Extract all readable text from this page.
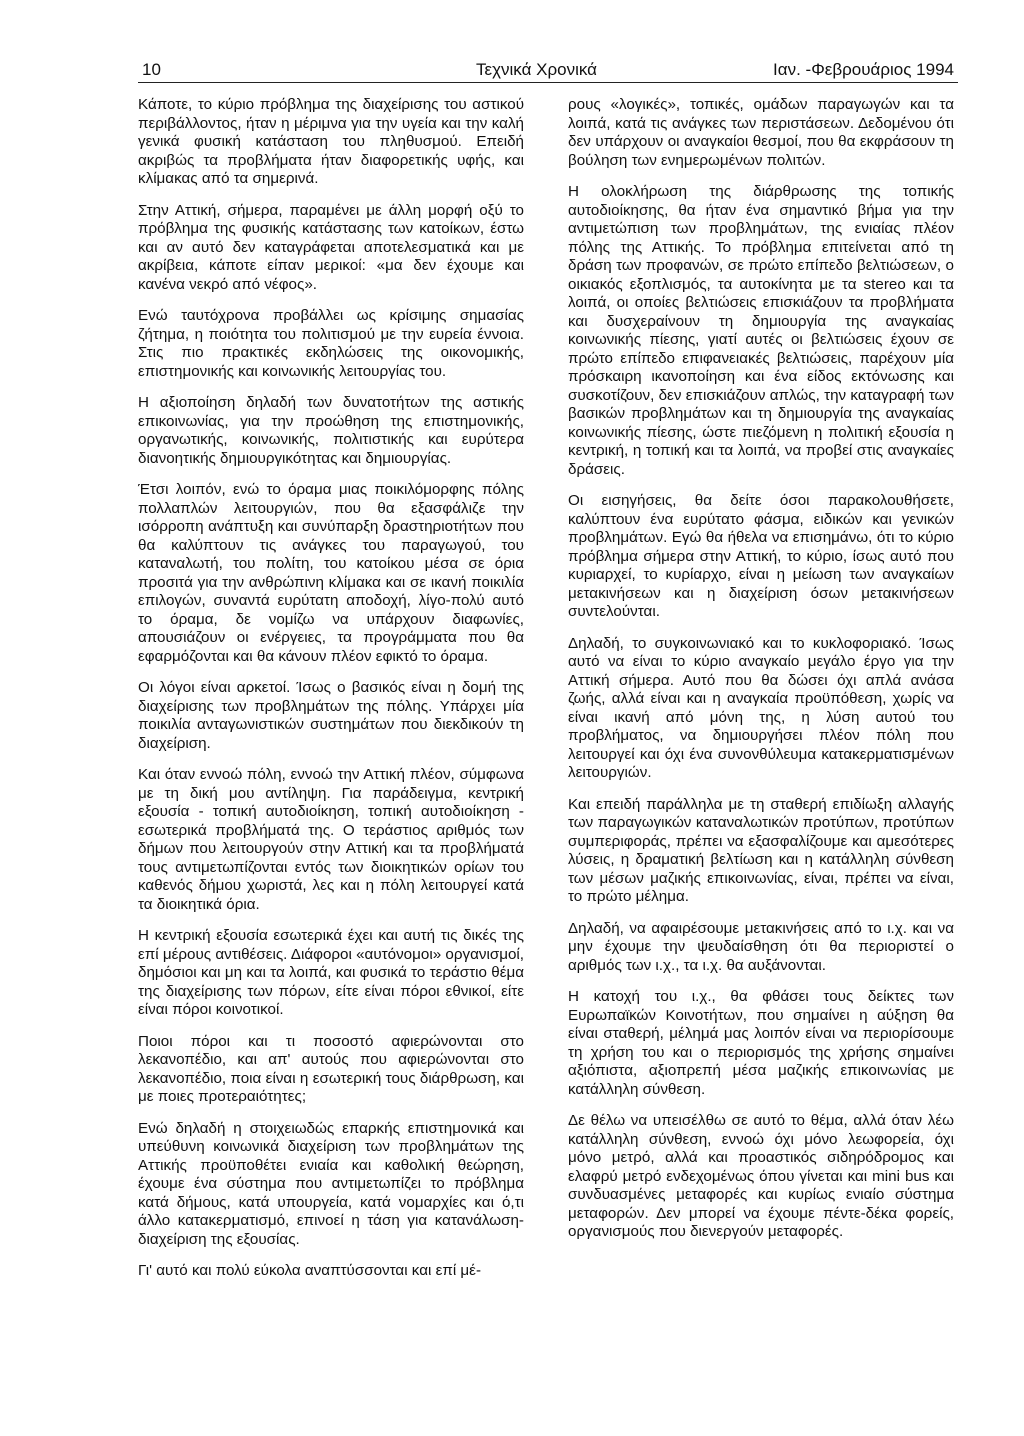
10	Τεχνικά Χρονικά	Ιαν. -Φεβρουάριος 1994

Κάποτε, το κύριο πρόβλημα της διαχείρισης του αστικού περιβάλλοντος, ήταν η μέριμνα για την υγεία και την καλή γενικά φυσική κατάσταση του πληθυσμού. Επειδή ακριβώς τα προβλήματα ήταν διαφορετικής υφής, και κλίμακας από τα σημερινά.

Στην Αττική, σήμερα, παραμένει με άλλη μορφή οξύ το πρόβλημα της φυσικής κατάστασης των κατοίκων, έστω και αν αυτό δεν καταγράφεται αποτελεσματικά και με ακρίβεια, κάποτε είπαν μερικοί: «μα δεν έχουμε και κανένα νεκρό από νέφος».

Ενώ ταυτόχρονα προβάλλει ως κρίσιμης σημασίας ζήτημα, η ποιότητα του πολιτισμού με την ευρεία έννοια. Στις πιο πρακτικές εκδηλώσεις της οικονομικής, επιστημονικής και κοινωνικής λειτουργίας του.

Η αξιοποίηση δηλαδή των δυνατοτήτων της αστικής επικοινωνίας, για την προώθηση της επιστημονικής, οργανωτικής, κοινωνικής, πολιτιστικής και ευρύτερα διανοητικής δημιουργικότητας και δημιουργίας.

Έτσι λοιπόν, ενώ το όραμα μιας ποικιλόμορφης πόλης πολλαπλών λειτουργιών, που θα εξασφάλιζε την ισόρροπη ανάπτυξη και συνύπαρξη δραστηριοτήτων που θα καλύπτουν τις ανάγκες του παραγωγού, του καταναλωτή, του πολίτη, του κατοίκου μέσα σε όρια προσιτά για την ανθρώπινη κλίμακα και σε ικανή ποικιλία επιλογών, συναντά ευρύτατη αποδοχή, λίγο-πολύ αυτό το όραμα, δε νομίζω να υπάρχουν διαφωνίες, απουσιάζουν οι ενέργειες, τα προγράμματα που θα εφαρμόζονται και θα κάνουν πλέον εφικτό το όραμα.

Οι λόγοι είναι αρκετοί. Ίσως ο βασικός είναι η δομή της διαχείρισης των προβλημάτων της πόλης. Υπάρχει μία ποικιλία ανταγωνιστικών συστημάτων που διεκδικούν τη διαχείριση.

Και όταν εννοώ πόλη, εννοώ την Αττική πλέον, σύμφωνα με τη δική μου αντίληψη. Για παράδειγμα, κεντρική εξουσία - τοπική αυτοδιοίκηση, τοπική αυτοδιοίκηση - εσωτερικά προβλήματά της. Ο τεράστιος αριθμός των δήμων που λειτουργούν στην Αττική και τα προβλήματά τους αντιμετωπίζονται εντός των διοικητικών ορίων του καθενός δήμου χωριστά, λες και η πόλη λειτουργεί κατά τα διοικητικά όρια.

Η κεντρική εξουσία εσωτερικά έχει και αυτή τις δικές της επί μέρους αντιθέσεις. Διάφοροι «αυτόνομοι» οργανισμοί, δημόσιοι και μη και τα λοιπά, και φυσικά το τεράστιο θέμα της διαχείρισης των πόρων, είτε είναι πόροι εθνικοί, είτε είναι πόροι κοινοτικοί.

Ποιοι πόροι και τι ποσοστό αφιερώνονται στο λεκανοπέδιο, και απ' αυτούς που αφιερώνονται στο λεκανοπέδιο, ποια είναι η εσωτερική τους διάρθρωση, και με ποιες προτεραιότητες;

Ενώ δηλαδή η στοιχειωδώς επαρκής επιστημονικά και υπεύθυνη κοινωνικά διαχείριση των προβλημάτων της Αττικής προϋποθέτει ενιαία και καθολική θεώρηση, έχουμε ένα σύστημα που αντιμετωπίζει το πρόβλημα κατά δήμους, κατά υπουργεία, κατά νομαρχίες και ό,τι άλλο κατακερματισμό, επινοεί η τάση για κατανάλωση-διαχείριση της εξουσίας.

Γι' αυτό και πολύ εύκολα αναπτύσσονται και επί μέ-

ρους «λογικές», τοπικές, ομάδων παραγωγών και τα λοιπά, κατά τις ανάγκες των περιστάσεων. Δεδομένου ότι δεν υπάρχουν οι αναγκαίοι θεσμοί, που θα εκφράσουν τη βούληση των ενημερωμένων πολιτών.

Η ολοκλήρωση της διάρθρωσης της τοπικής αυτοδιοίκησης, θα ήταν ένα σημαντικό βήμα για την αντιμετώπιση των προβλημάτων, της ενιαίας πλέον πόλης της Αττικής. Το πρόβλημα επιτείνεται από τη δράση των προφανών, σε πρώτο επίπεδο βελτιώσεων, ο οικιακός εξοπλισμός, τα αυτοκίνητα με τα stereo και τα λοιπά, οι οποίες βελτιώσεις επισκιάζουν τα προβλήματα και δυσχεραίνουν τη δημιουργία της αναγκαίας κοινωνικής πίεσης, γιατί αυτές οι βελτιώσεις έχουν σε πρώτο επίπεδο επιφανειακές βελτιώσεις, παρέχουν μία πρόσκαιρη ικανοποίηση και ένα είδος εκτόνωσης και συσκοτίζουν, δεν επισκιάζουν απλώς, την καταγραφή των βασικών προβλημάτων και τη δημιουργία της αναγκαίας κοινωνικής πίεσης, ώστε πιεζόμενη η πολιτική εξουσία η κεντρική, η τοπική και τα λοιπά, να προβεί στις αναγκαίες δράσεις.

Οι εισηγήσεις, θα δείτε όσοι παρακολουθήσετε, καλύπτουν ένα ευρύτατο φάσμα, ειδικών και γενικών προβλημάτων. Εγώ θα ήθελα να επισημάνω, ότι το κύριο πρόβλημα σήμερα στην Αττική, το κύριο, ίσως αυτό που κυριαρχεί, το κυρίαρχο, είναι η μείωση των αναγκαίων μετακινήσεων και η διαχείριση όσων μετακινήσεων συντελούνται.

Δηλαδή, το συγκοινωνιακό και το κυκλοφοριακό. Ίσως αυτό να είναι το κύριο αναγκαίο μεγάλο έργο για την Αττική σήμερα. Αυτό που θα δώσει όχι απλά ανάσα ζωής, αλλά είναι και η αναγκαία προϋπόθεση, χωρίς να είναι ικανή από μόνη της, η λύση αυτού του προβλήματος, να δημιουργήσει πλέον πόλη που λειτουργεί και όχι ένα συνονθύλευμα κατακερματισμένων λειτουργιών.

Και επειδή παράλληλα με τη σταθερή επιδίωξη αλλαγής των παραγωγικών καταναλωτικών προτύπων, προτύπων συμπεριφοράς, πρέπει να εξασφαλίζουμε και αμεσότερες λύσεις, η δραματική βελτίωση και η κατάλληλη σύνθεση των μέσων μαζικής επικοινωνίας, είναι, πρέπει να είναι, το πρώτο μέλημα.

Δηλαδή, να αφαιρέσουμε μετακινήσεις από το ι.χ. και να μην έχουμε την ψευδαίσθηση ότι θα περιοριστεί ο αριθμός των ι.χ., τα ι.χ. θα αυξάνονται.

Η κατοχή του ι.χ., θα φθάσει τους δείκτες των Ευρωπαϊκών Κοινοτήτων, που σημαίνει η αύξηση θα είναι σταθερή, μέλημά μας λοιπόν είναι να περιορίσουμε τη χρήση του και ο περιορισμός της χρήσης σημαίνει αξιόπιστα, αξιοπρεπή μέσα μαζικής επικοινωνίας με κατάλληλη σύνθεση.

Δε θέλω να υπεισέλθω σε αυτό το θέμα, αλλά όταν λέω κατάλληλη σύνθεση, εννοώ όχι μόνο λεωφορεία, όχι μόνο μετρό, αλλά και προαστικός σιδηρόδρομος και ελαφρύ μετρό ενδεχομένως όπου γίνεται και mini bus και συνδυασμένες μεταφορές και κυρίως ενιαίο σύστημα μεταφορών. Δεν μπορεί να έχουμε πέντε-δέκα φορείς, οργανισμούς που διενεργούν μεταφορές.
